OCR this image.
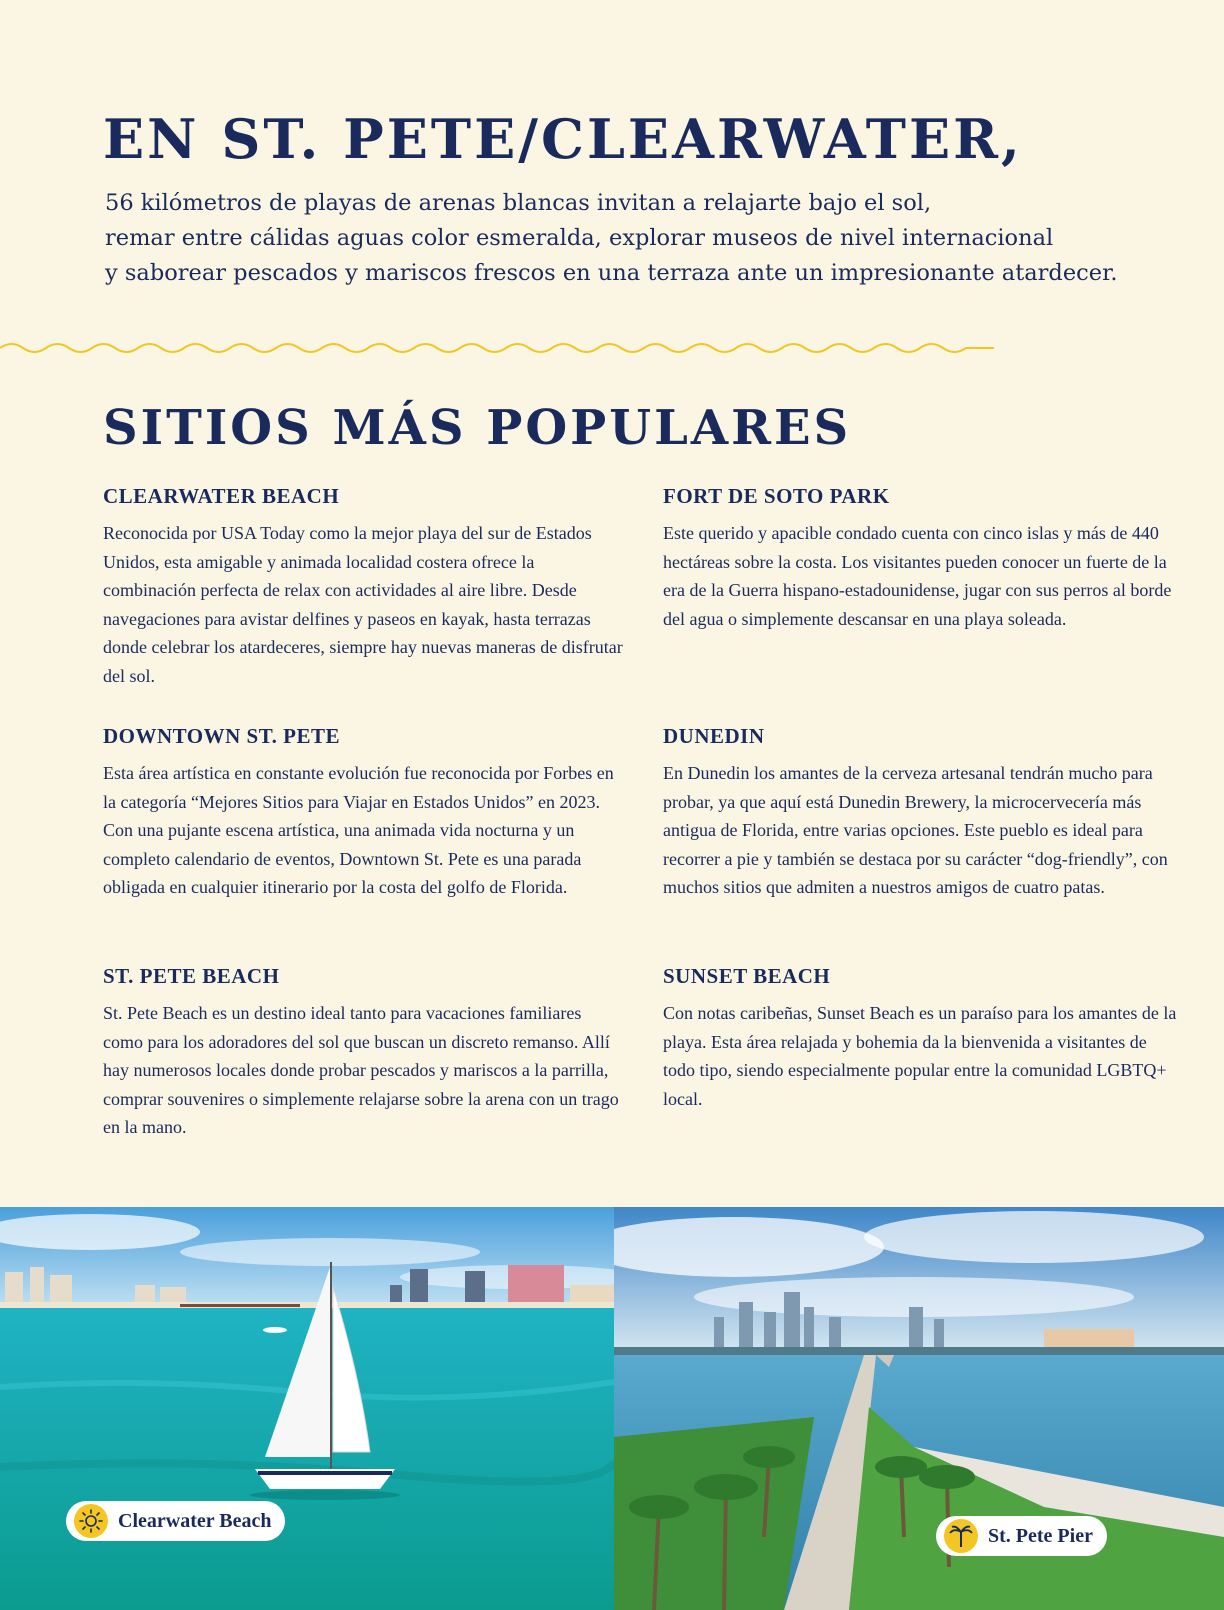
EN ST. PETE/CLEARWATER,

56 kilómetros de playas de arenas blancas invitan a relajarte bajo el sol,
remar entre cálidas aguas color esmeralda, explorar museos de nivel internacional
y saborear pescados y mariscos frescos en una terraza ante un impresionante atardecer.

SITIOS MÁS POPULARES
CLEARWATER BEACH

Reconocida por USA Today como la mejor playa del sur de Estados Unidos, esta amigable y animada localidad costera ofrece la combinación perfecta de relax con actividades al aire libre. Desde navegaciones para avistar delfines y paseos en kayak, hasta terrazas donde celebrar los atardeceres, siempre hay nuevas maneras de disfrutar del sol.

FORT DE SOTO PARK

Este querido y apacible condado cuenta con cinco islas y más de 440 hectáreas sobre la costa. Los visitantes pueden conocer un fuerte de la era de la Guerra hispano-estadounidense, jugar con sus perros al borde del agua o simplemente descansar en una playa soleada.

DOWNTOWN ST. PETE

Esta área artística en constante evolución fue reconocida por Forbes en la categoría “Mejores Sitios para Viajar en Estados Unidos” en 2023. Con una pujante escena artística, una animada vida nocturna y un completo calendario de eventos, Downtown St. Pete es una parada obligada en cualquier itinerario por la costa del golfo de Florida.

DUNEDIN

En Dunedin los amantes de la cerveza artesanal tendrán mucho para probar, ya que aquí está Dunedin Brewery, la microcervecería más antigua de Florida, entre varias opciones. Este pueblo es ideal para recorrer a pie y también se destaca por su carácter “dog-friendly”, con muchos sitios que admiten a nuestros amigos de cuatro patas.

ST. PETE BEACH

St. Pete Beach es un destino ideal tanto para vacaciones familiares como para los adoradores del sol que buscan un discreto remanso. Allí hay numerosos locales donde probar pescados y mariscos a la parrilla, comprar souvenires o simplemente relajarse sobre la arena con un trago en la mano.

SUNSET BEACH

Con notas caribeñas, Sunset Beach es un paraíso para los amantes de la playa. Esta área relajada y bohemia da la bienvenida a visitantes de todo tipo, siendo especialmente popular entre la comunidad LGBTQ+ local.

Clearwater Beach
St. Pete Pier
